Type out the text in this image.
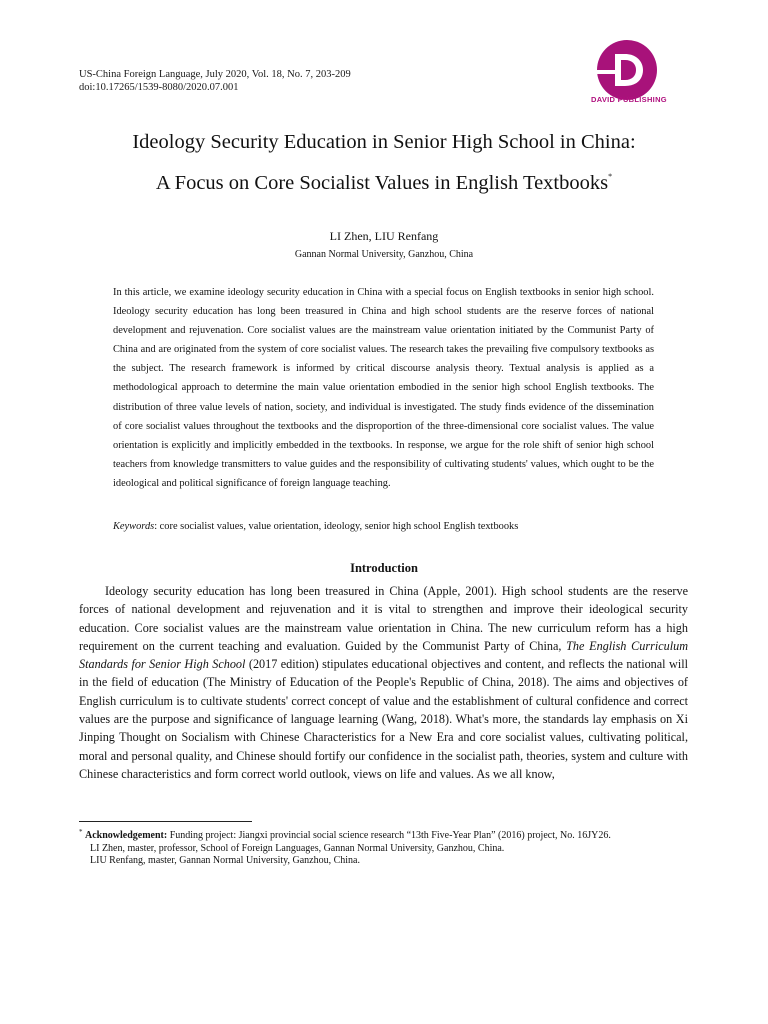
US-China Foreign Language, July 2020, Vol. 18, No. 7, 203-209
doi:10.17265/1539-8080/2020.07.001
DAVID PUBLISHING
Ideology Security Education in Senior High School in China:
A Focus on Core Socialist Values in English Textbooks*
LI Zhen, LIU Renfang
Gannan Normal University, Ganzhou, China

In this article, we examine ideology security education in China with a special focus on English textbooks in senior high school. Ideology security education has long been treasured in China and high school students are the reserve forces of national development and rejuvenation. Core socialist values are the mainstream value orientation initiated by the Communist Party of China and are originated from the system of core socialist values. The research takes the prevailing five compulsory textbooks as the subject. The research framework is informed by critical discourse analysis theory. Textual analysis is applied as a methodological approach to determine the main value orientation embodied in the senior high school English textbooks. The distribution of three value levels of nation, society, and individual is investigated. The study finds evidence of the dissemination of core socialist values throughout the textbooks and the disproportion of the three-dimensional core socialist values. The value orientation is explicitly and implicitly embedded in the textbooks. In response, we argue for the role shift of senior high school teachers from knowledge transmitters to value guides and the responsibility of cultivating students' values, which ought to be the ideological and political significance of foreign language teaching.

Keywords: core socialist values, value orientation, ideology, senior high school English textbooks

Introduction

Ideology security education has long been treasured in China (Apple, 2001). High school students are the reserve forces of national development and rejuvenation and it is vital to strengthen and improve their ideological security education. Core socialist values are the mainstream value orientation in China. The new curriculum reform has a high requirement on the current teaching and evaluation. Guided by the Communist Party of China, The English Curriculum Standards for Senior High School (2017 edition) stipulates educational objectives and content, and reflects the national will in the field of education (The Ministry of Education of the People's Republic of China, 2018). The aims and objectives of English curriculum is to cultivate students' correct concept of value and the establishment of cultural confidence and correct values are the purpose and significance of language learning (Wang, 2018). What's more, the standards lay emphasis on Xi Jinping Thought on Socialism with Chinese Characteristics for a New Era and core socialist values, cultivating political, moral and personal quality, and Chinese should fortify our confidence in the socialist path, theories, system and culture with Chinese characteristics and form correct world outlook, views on life and values. As we all know,

* Acknowledgement: Funding project: Jiangxi provincial social science research “13th Five-Year Plan” (2016) project, No. 16JY26.

LI Zhen, master, professor, School of Foreign Languages, Gannan Normal University, Ganzhou, China.

LIU Renfang, master, Gannan Normal University, Ganzhou, China.
